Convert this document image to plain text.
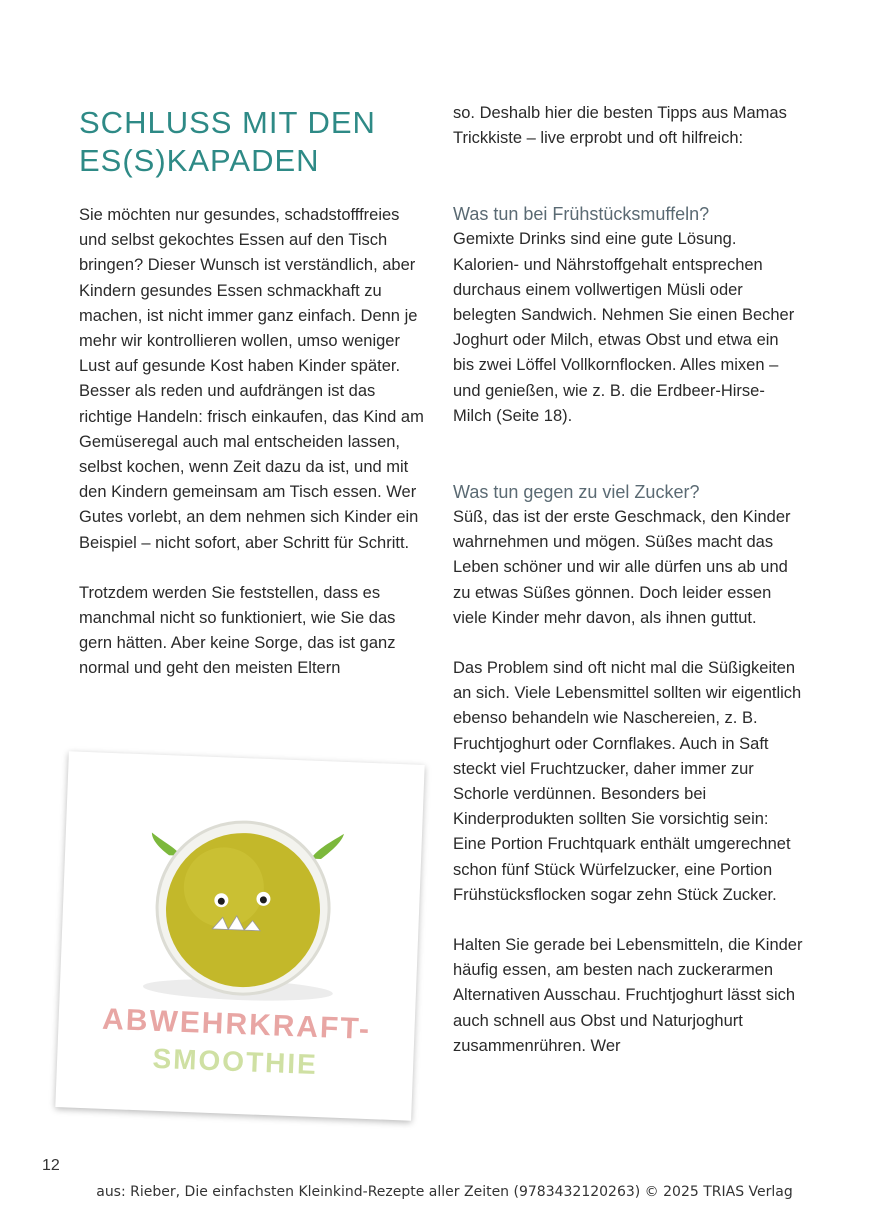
SCHLUSS MIT DEN
ES(S)KAPADEN

Sie möchten nur gesundes, schadstofffreies und selbst gekochtes Essen auf den Tisch bringen? Dieser Wunsch ist verständlich, aber Kindern gesundes Essen schmackhaft zu machen, ist nicht immer ganz einfach. Denn je mehr wir kontrollieren wollen, umso weniger Lust auf gesunde Kost haben Kinder später. Besser als reden und aufdrängen ist das richtige Handeln: frisch einkaufen, das Kind am Gemüseregal auch mal entscheiden lassen, selbst kochen, wenn Zeit dazu da ist, und mit den Kindern gemeinsam am Tisch essen. Wer Gutes vorlebt, an dem nehmen sich Kinder ein Beispiel – nicht sofort, aber Schritt für Schritt.

Trotzdem werden Sie feststellen, dass es manchmal nicht so funktioniert, wie Sie das gern hätten. Aber keine Sorge, das ist ganz normal und geht den meisten Eltern

ABWEHRKRAFT-
SMOOTHIE

so. Deshalb hier die besten Tipps aus Mamas Trickkiste – live erprobt und oft hilfreich:

Was tun bei Frühstücksmuffeln?

Gemixte Drinks sind eine gute Lösung. Kalorien- und Nährstoffgehalt entsprechen durchaus einem vollwertigen Müsli oder belegten Sandwich. Nehmen Sie einen Becher Joghurt oder Milch, etwas Obst und etwa ein bis zwei Löffel Vollkornflocken. Alles mixen – und genießen, wie z. B. die Erdbeer-Hirse-Milch (Seite 18).

Was tun gegen zu viel Zucker?

Süß, das ist der erste Geschmack, den Kinder wahrnehmen und mögen. Süßes macht das Leben schöner und wir alle dürfen uns ab und zu etwas Süßes gönnen. Doch leider essen viele Kinder mehr davon, als ihnen guttut.

Das Problem sind oft nicht mal die Süßigkeiten an sich. Viele Lebensmittel sollten wir eigentlich ebenso behandeln wie Naschereien, z. B. Fruchtjoghurt oder Cornflakes. Auch in Saft steckt viel Fruchtzucker, daher immer zur Schorle verdünnen. Besonders bei Kinderprodukten sollten Sie vorsichtig sein: Eine Portion Fruchtquark enthält umgerechnet schon fünf Stück Würfelzucker, eine Portion Frühstücksflocken sogar zehn Stück Zucker.

Halten Sie gerade bei Lebensmitteln, die Kinder häufig essen, am besten nach zuckerarmen Alternativen Ausschau. Fruchtjoghurt lässt sich auch schnell aus Obst und Naturjoghurt zusammenrühren. Wer

12
aus: Rieber, Die einfachsten Kleinkind-Rezepte aller Zeiten (9783432120263) © 2025 TRIAS Verlag
